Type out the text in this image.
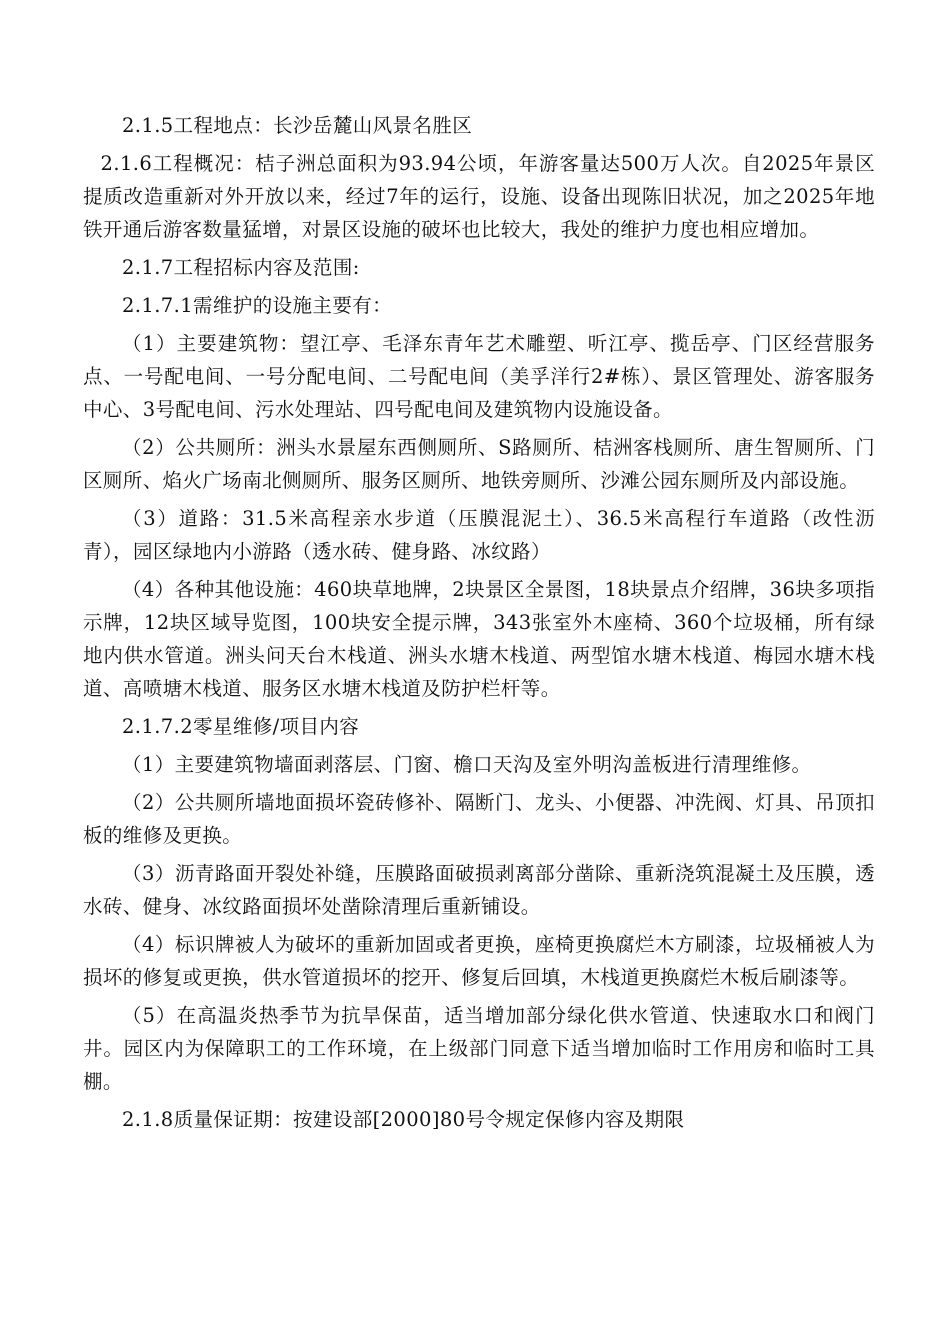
2.1.5工程地点：长沙岳麓山风景名胜区

2.1.6工程概况：桔子洲总面积为93.94公顷，年游客量达500万人次。自2025年景区提质改造重新对外开放以来，经过7年的运行，设施、设备出现陈旧状况，加之2025年地铁开通后游客数量猛增，对景区设施的破坏也比较大，我处的维护力度也相应增加。

2.1.7工程招标内容及范围:

2.1.7.1需维护的设施主要有：

（1）主要建筑物：望江亭、毛泽东青年艺术雕塑、听江亭、揽岳亭、门区经营服务点、一号配电间、一号分配电间、二号配电间（美孚洋行2#栋）、景区管理处、游客服务中心、3号配电间、污水处理站、四号配电间及建筑物内设施设备。

（2）公共厕所：洲头水景屋东西侧厕所、S路厕所、桔洲客栈厕所、唐生智厕所、门区厕所、焰火广场南北侧厕所、服务区厕所、地铁旁厕所、沙滩公园东厕所及内部设施。

（3）道路：31.5米高程亲水步道（压膜混泥土）、36.5米高程行车道路（改性沥青），园区绿地内小游路（透水砖、健身路、冰纹路）

（4）各种其他设施：460块草地牌，2块景区全景图，18块景点介绍牌，36块多项指示牌，12块区域导览图，100块安全提示牌，343张室外木座椅、360个垃圾桶，所有绿地内供水管道。洲头问天台木栈道、洲头水塘木栈道、两型馆水塘木栈道、梅园水塘木栈道、高喷塘木栈道、服务区水塘木栈道及防护栏杆等。

2.1.7.2零星维修/项目内容

（1）主要建筑物墙面剥落层、门窗、檐口天沟及室外明沟盖板进行清理维修。

（2）公共厕所墙地面损坏瓷砖修补、隔断门、龙头、小便器、冲洗阀、灯具、吊顶扣板的维修及更换。

（3）沥青路面开裂处补缝，压膜路面破损剥离部分凿除、重新浇筑混凝土及压膜，透水砖、健身、冰纹路面损坏处凿除清理后重新铺设。

（4）标识牌被人为破坏的重新加固或者更换，座椅更换腐烂木方刷漆，垃圾桶被人为损坏的修复或更换，供水管道损坏的挖开、修复后回填，木栈道更换腐烂木板后刷漆等。

（5）在高温炎热季节为抗旱保苗，适当增加部分绿化供水管道、快速取水口和阀门井。园区内为保障职工的工作环境，在上级部门同意下适当增加临时工作用房和临时工具棚。

2.1.8质量保证期：按建设部[2000]80号令规定保修内容及期限
